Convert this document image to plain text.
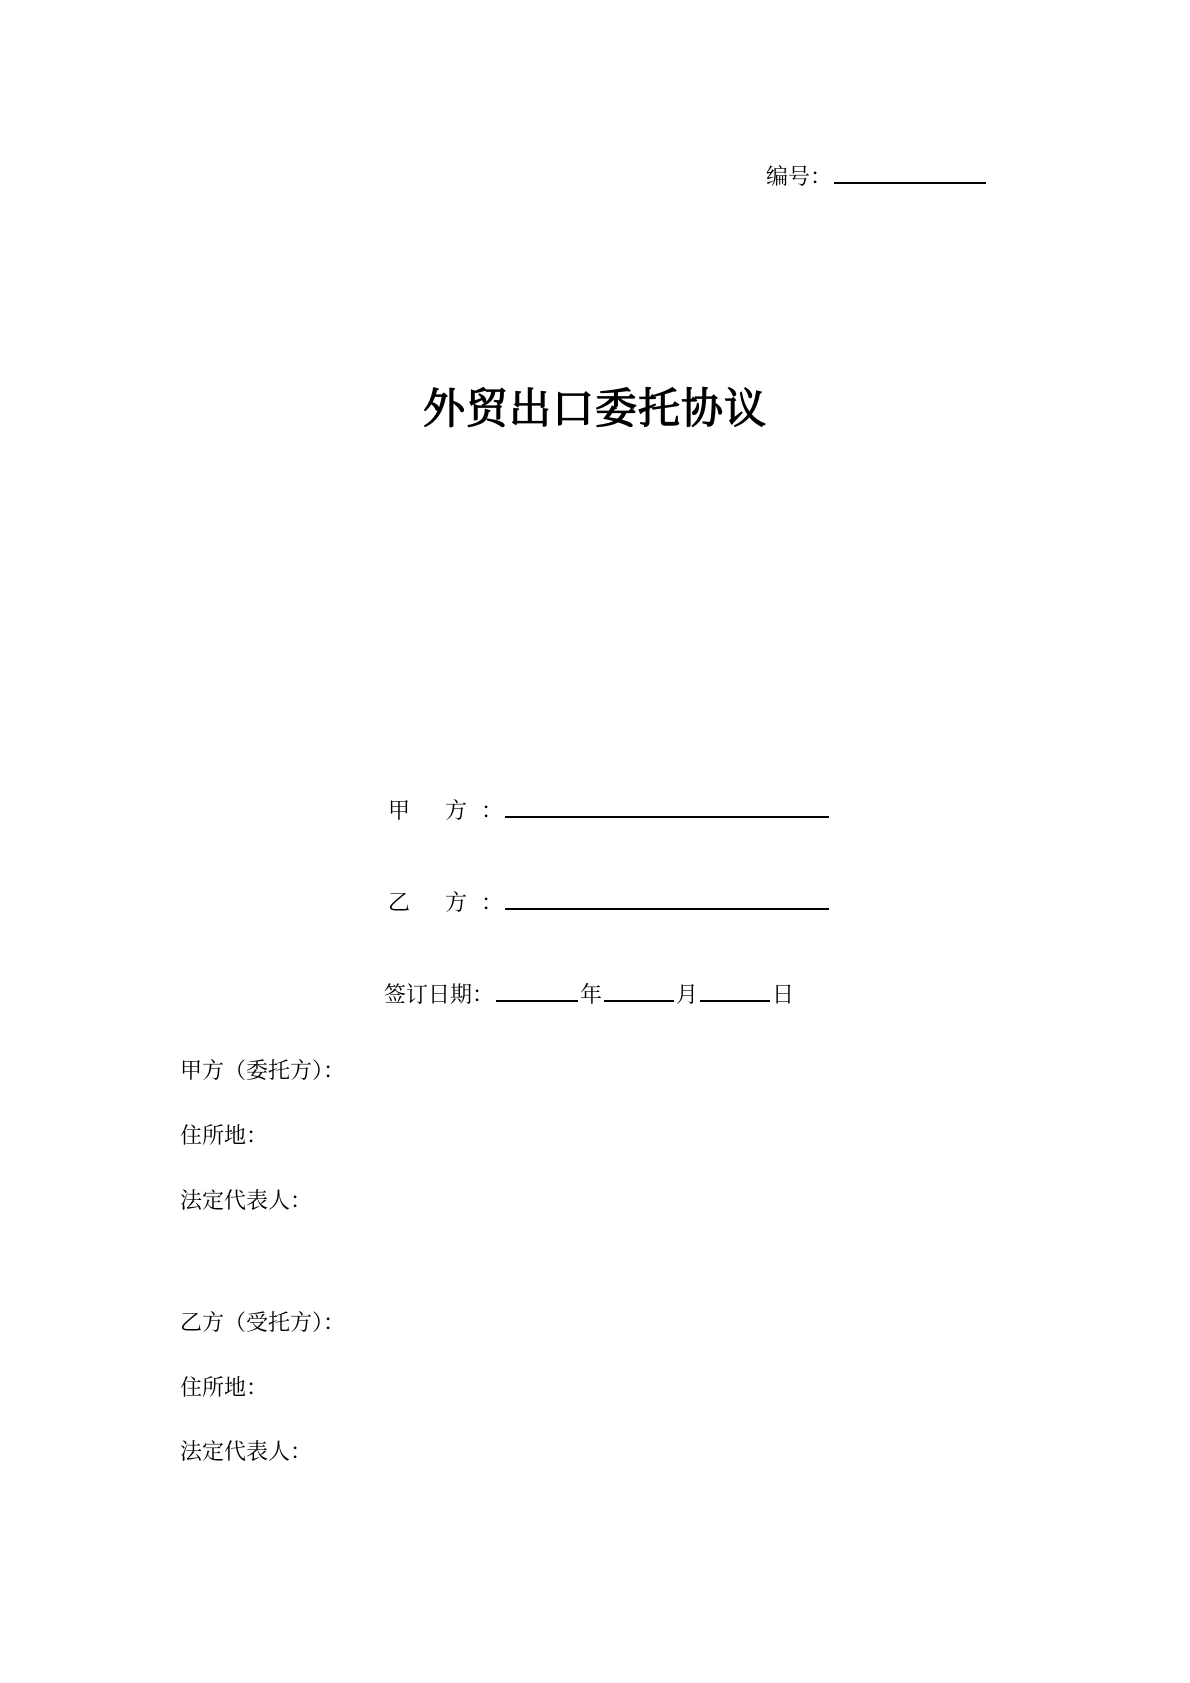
编号：
外贸出口委托协议
甲 方：
乙 方：
签订日期：	年	月	日
甲方（委托方）：
住所地：
法定代表人：
乙方（受托方）：
住所地：
法定代表人：
